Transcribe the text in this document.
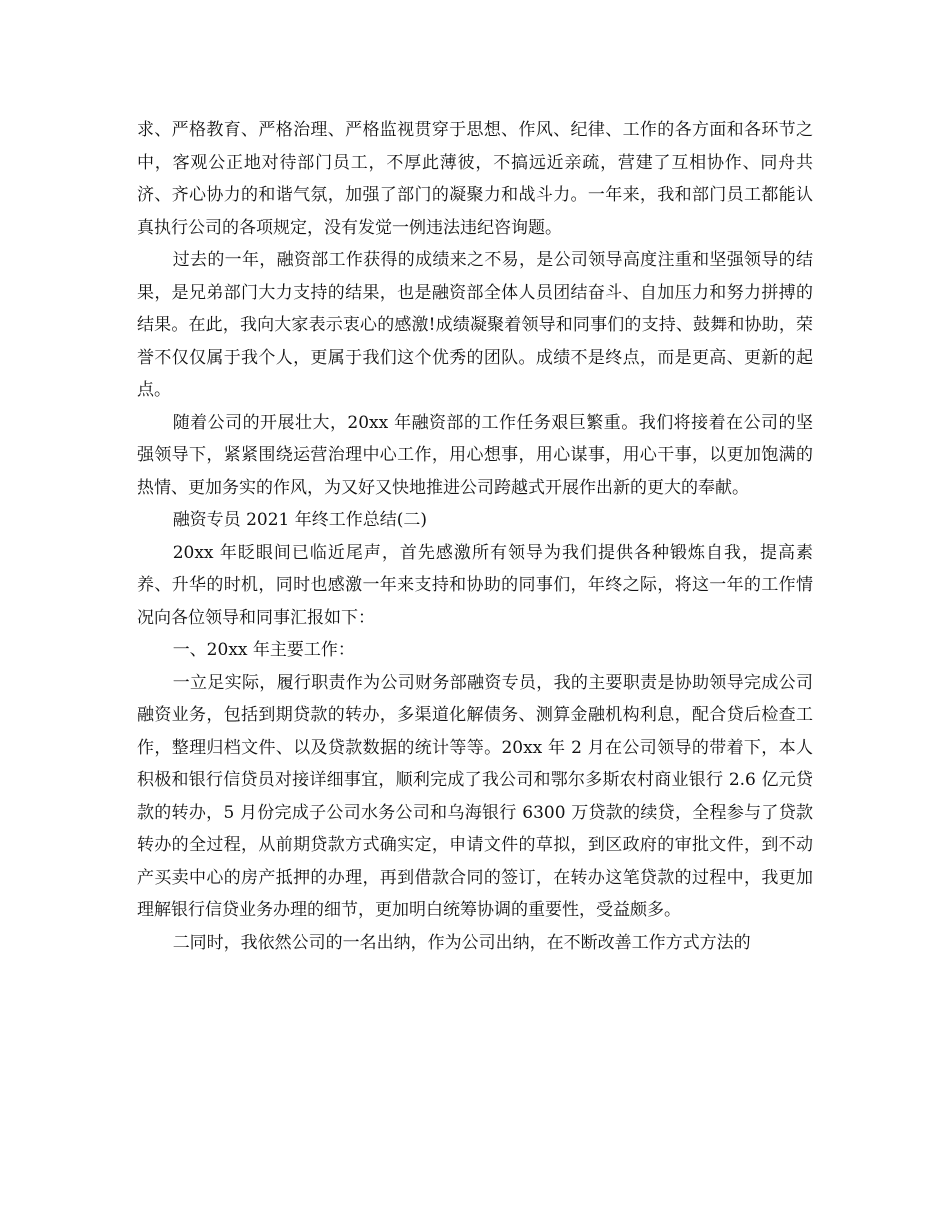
求、严格教育、严格治理、严格监视贯穿于思想、作风、纪律、工作的各方面和各环节之中，客观公正地对待部门员工，不厚此薄彼，不搞远近亲疏，营建了互相协作、同舟共济、齐心协力的和谐气氛，加强了部门的凝聚力和战斗力。一年来，我和部门员工都能认真执行公司的各项规定，没有发觉一例违法违纪咨询题。

过去的一年，融资部工作获得的成绩来之不易，是公司领导高度注重和坚强领导的结果，是兄弟部门大力支持的结果，也是融资部全体人员团结奋斗、自加压力和努力拼搏的结果。在此，我向大家表示衷心的感激!成绩凝聚着领导和同事们的支持、鼓舞和协助，荣誉不仅仅属于我个人，更属于我们这个优秀的团队。成绩不是终点，而是更高、更新的起点。

随着公司的开展壮大，20xx 年融资部的工作任务艰巨繁重。我们将接着在公司的坚强领导下，紧紧围绕运营治理中心工作，用心想事，用心谋事，用心干事，以更加饱满的热情、更加务实的作风，为又好又快地推进公司跨越式开展作出新的更大的奉献。

融资专员 2021 年终工作总结(二)

20xx 年眨眼间已临近尾声，首先感激所有领导为我们提供各种锻炼自我，提高素养、升华的时机，同时也感激一年来支持和协助的同事们，年终之际，将这一年的工作情况向各位领导和同事汇报如下：

一、20xx 年主要工作：

一立足实际，履行职责作为公司财务部融资专员，我的主要职责是协助领导完成公司融资业务，包括到期贷款的转办，多渠道化解债务、测算金融机构利息，配合贷后检查工作，整理归档文件、以及贷款数据的统计等等。20xx 年 2 月在公司领导的带着下，本人积极和银行信贷员对接详细事宜，顺利完成了我公司和鄂尔多斯农村商业银行 2.6 亿元贷款的转办，5 月份完成子公司水务公司和乌海银行 6300 万贷款的续贷，全程参与了贷款转办的全过程，从前期贷款方式确实定，申请文件的草拟，到区政府的审批文件，到不动产买卖中心的房产抵押的办理，再到借款合同的签订，在转办这笔贷款的过程中，我更加理解银行信贷业务办理的细节，更加明白统筹协调的重要性，受益颇多。

二同时，我依然公司的一名出纳，作为公司出纳，在不断改善工作方式方法的
